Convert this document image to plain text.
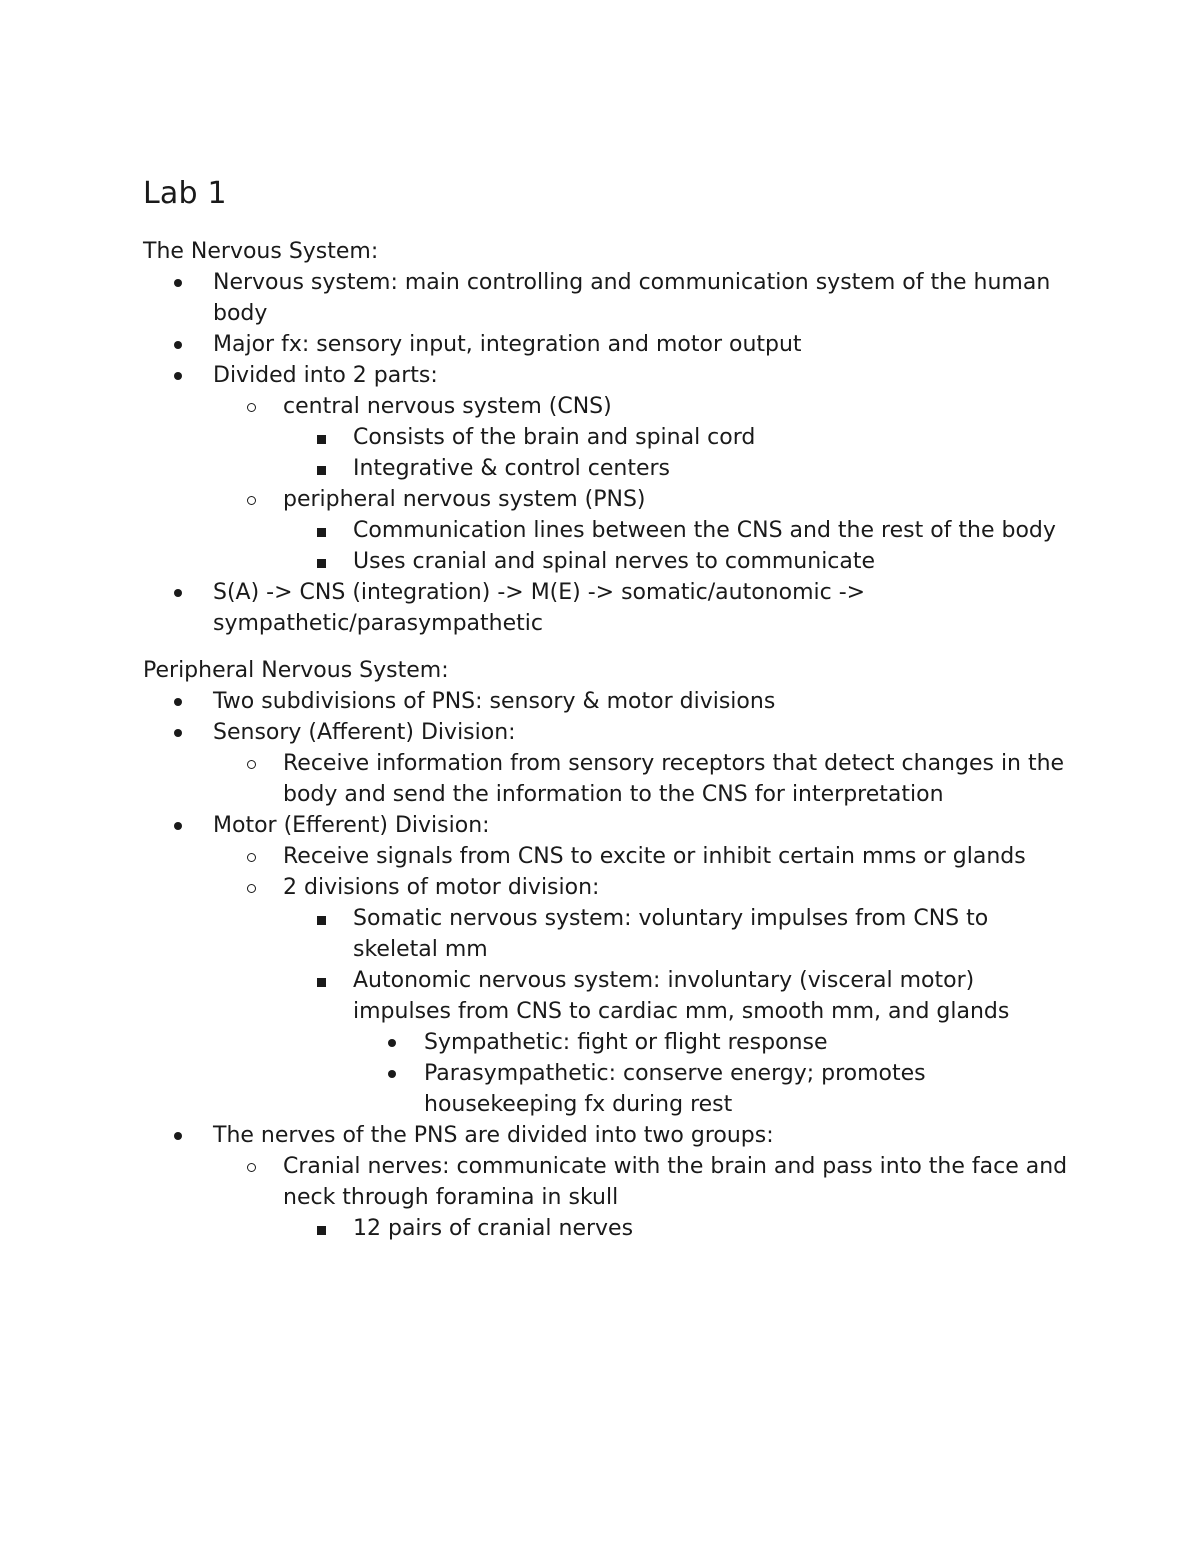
Lab 1

The Nervous System:

Nervous system: main controlling and communication system of the human body
Major fx: sensory input, integration and motor output
Divided into 2 parts:
central nervous system (CNS)
Consists of the brain and spinal cord
Integrative & control centers
peripheral nervous system (PNS)
Communication lines between the CNS and the rest of the body
Uses cranial and spinal nerves to communicate
S(A) -> CNS (integration) -> M(E) -> somatic/autonomic -> sympathetic/parasympathetic

Peripheral Nervous System:

Two subdivisions of PNS: sensory & motor divisions
Sensory (Afferent) Division:
Receive information from sensory receptors that detect changes in the body and send the information to the CNS for interpretation
Motor (Efferent) Division:
Receive signals from CNS to excite or inhibit certain mms or glands
2 divisions of motor division:
Somatic nervous system: voluntary impulses from CNS to skeletal mm
Autonomic nervous system: involuntary (visceral motor) impulses from CNS to cardiac mm, smooth mm, and glands
Sympathetic: fight or flight response
Parasympathetic: conserve energy; promotes housekeeping fx during rest
The nerves of the PNS are divided into two groups:
Cranial nerves: communicate with the brain and pass into the face and neck through foramina in skull
12 pairs of cranial nerves
